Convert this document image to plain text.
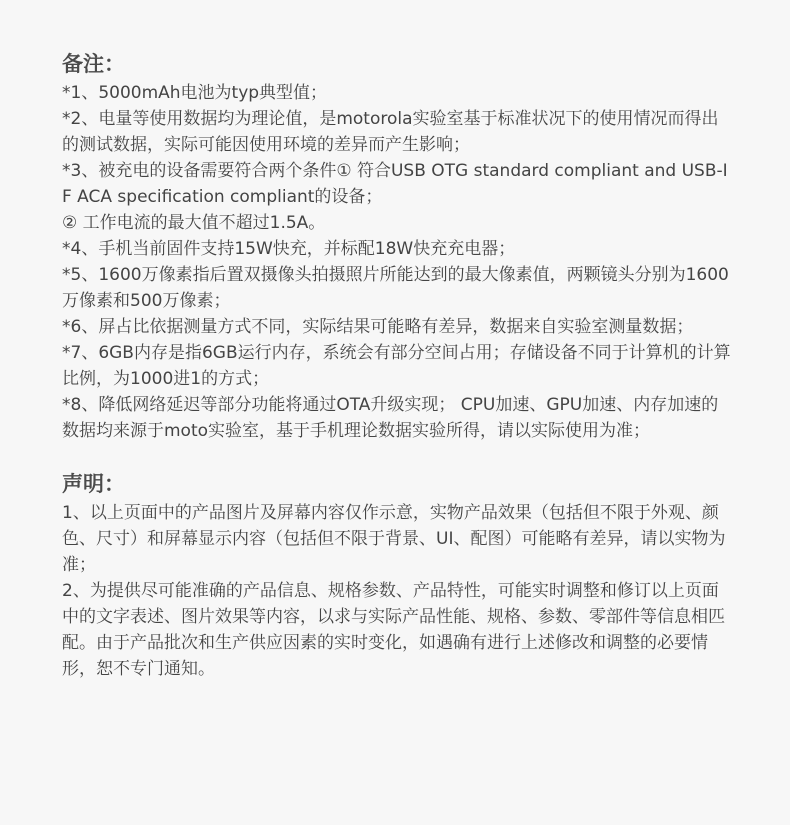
备注：
*1、5000mAh电池为typ典型值；
*2、电量等使用数据均为理论值，是motorola实验室基于标准状况下的使用情况而得出的测试数据，实际可能因使用环境的差异而产生影响；
*3、被充电的设备需要符合两个条件① 符合USB OTG standard compliant and USB-IF ACA specification compliant的设备；
② 工作电流的最大值不超过1.5A。
*4、手机当前固件支持15W快充，并标配18W快充充电器；
*5、1600万像素指后置双摄像头拍摄照片所能达到的最大像素值，两颗镜头分别为1600万像素和500万像素；
*6、屏占比依据测量方式不同，实际结果可能略有差异，数据来自实验室测量数据；
*7、6GB内存是指6GB运行内存，系统会有部分空间占用；存储设备不同于计算机的计算比例，为1000进1的方式；
*8、降低网络延迟等部分功能将通过OTA升级实现； CPU加速、GPU加速、内存加速的数据均来源于moto实验室，基于手机理论数据实验所得，请以实际使用为准；
声明：
1、以上页面中的产品图片及屏幕内容仅作示意，实物产品效果（包括但不限于外观、颜色、尺寸）和屏幕显示内容（包括但不限于背景、UI、配图）可能略有差异，请以实物为准；
2、为提供尽可能准确的产品信息、规格参数、产品特性，可能实时调整和修订以上页面中的文字表述、图片效果等内容，以求与实际产品性能、规格、参数、零部件等信息相匹配。由于产品批次和生产供应因素的实时变化，如遇确有进行上述修改和调整的必要情形，恕不专门通知。
